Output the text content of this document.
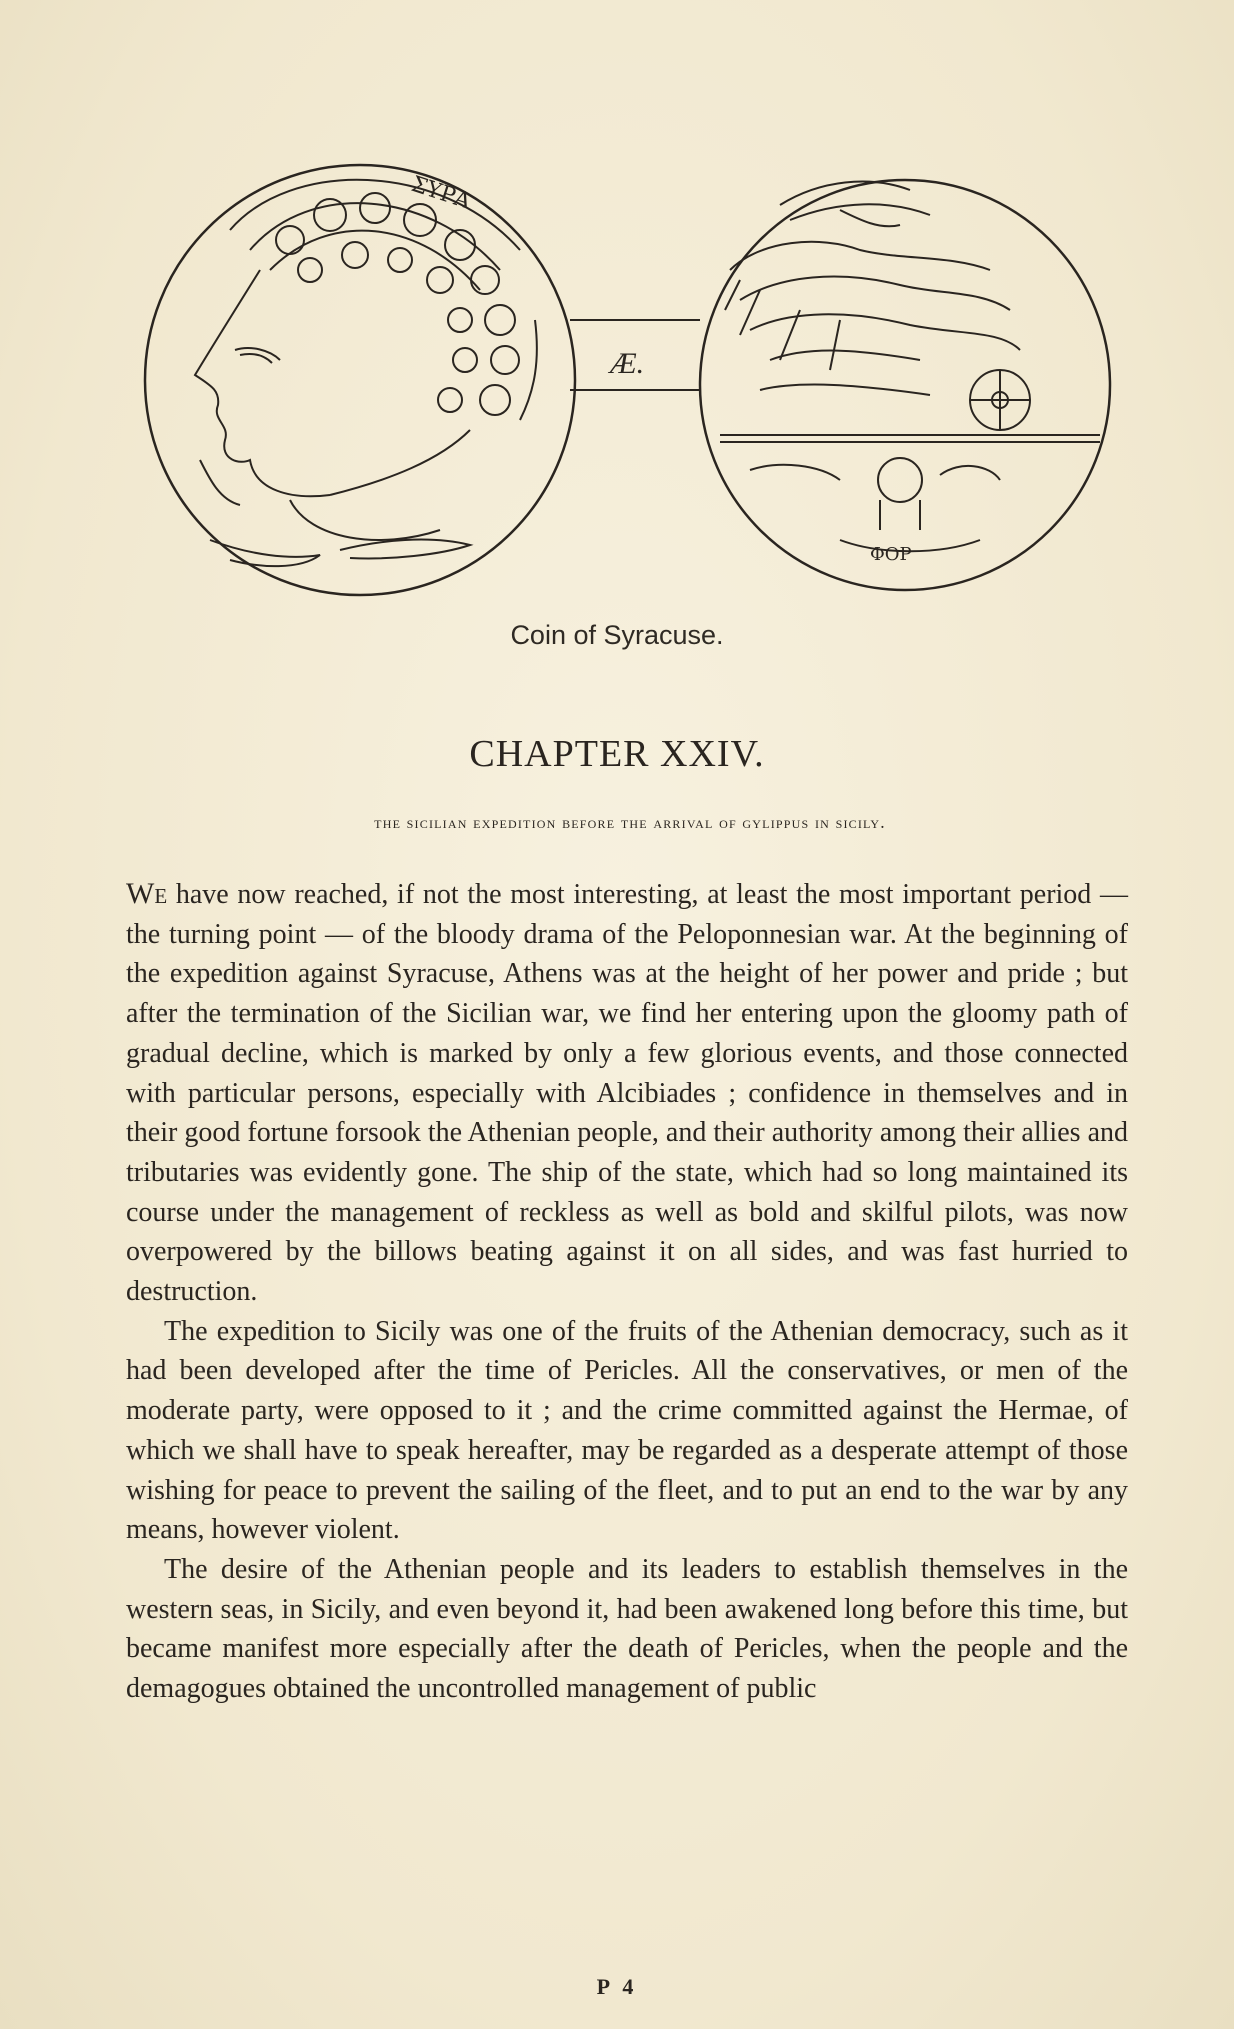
Æ.
ΣΥΡΑ
ΦΟΡ
Coin of Syracuse.
CHAPTER XXIV.
the sicilian expedition before the arrival of gylippus in sicily.

We have now reached, if not the most interesting, at least the most important period — the turning point — of the bloody drama of the Peloponnesian war. At the beginning of the expedition against Syracuse, Athens was at the height of her power and pride ; but after the termination of the Sicilian war, we find her entering upon the gloomy path of gradual decline, which is marked by only a few glorious events, and those connected with particular persons, especially with Alcibiades ; confidence in themselves and in their good fortune forsook the Athenian people, and their authority among their allies and tributaries was evidently gone. The ship of the state, which had so long maintained its course under the management of reckless as well as bold and skilful pilots, was now overpowered by the billows beating against it on all sides, and was fast hurried to destruction.

The expedition to Sicily was one of the fruits of the Athenian democracy, such as it had been developed after the time of Pericles. All the conservatives, or men of the moderate party, were opposed to it ; and the crime committed against the Hermae, of which we shall have to speak hereafter, may be regarded as a desperate attempt of those wishing for peace to prevent the sailing of the fleet, and to put an end to the war by any means, however violent.

The desire of the Athenian people and its leaders to establish themselves in the western seas, in Sicily, and even beyond it, had been awakened long before this time, but became manifest more especially after the death of Pericles, when the people and the demagogues obtained the uncontrolled management of public

P 4
